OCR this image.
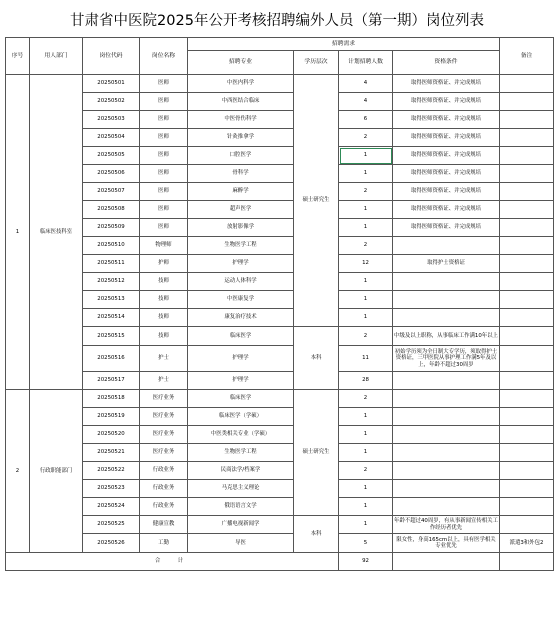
甘肃省中医院2025年公开考核招聘编外人员（第一期）岗位列表
序号	用人部门	岗位代码	岗位名称	招聘需求				备注
				招聘专业	学历层次	计划招聘人数	资格条件	
1	临床医技科室	20250501	医师	中医内科学	硕士研究生	4	取得医师资格证、并完成规培	
		20250502	医师	中西医结合临床		4	取得医师资格证、并完成规培	
		20250503	医师	中医骨伤科学		6	取得医师资格证、并完成规培	
		20250504	医师	针灸推拿学		2	取得医师资格证、并完成规培	
		20250505	医师	口腔医学		1	取得医师资格证、并完成规培	
		20250506	医师	骨科学		1	取得医师资格证、并完成规培	
		20250507	医师	麻醉学		2	取得医师资格证、并完成规培	
		20250508	医师	超声医学		1	取得医师资格证、并完成规培	
		20250509	医师	放射影像学		1	取得医师资格证、并完成规培	
		20250510	物理师	生物医学工程		2		
		20250511	护师	护理学		12	取得护士资格证	
		20250512	技师	运动人体科学		1		
		20250513	技师	中医康复学		1		
		20250514	技师	康复治疗技术		1		
		20250515	技师	临床医学	本科	2	中级及以上职称，从事临床工作满10年以上	
		20250516	护士	护理学		11	初始学历须为全日制大专学历，须取得护士资格证，三甲医院从事护理工作满5年及以上，年龄不超过30周岁	
		20250517	护士	护理学		28		
2	行政职能部门	20250518	医疗业务	临床医学	硕士研究生	2		
		20250519	医疗业务	临床医学（学硕）		1		
		20250520	医疗业务	中医类相关专业（学硕）		1		
		20250521	医疗业务	生物医学工程		1		
		20250522	行政业务	民商法学/档案学		2		
		20250523	行政业务	马克思主义理论		1		
		20250524	行政业务	俄语语言文学		1		
		20250525	健康宣教	广播电视新闻学	本科	1	年龄不超过40周岁，有从事新闻宣传相关工作经历者优先	
		20250526	工勤	导医		5	限女性，身高165cm以上，具有医学相关专业优先	派遣3和外包2
合　计						92		
